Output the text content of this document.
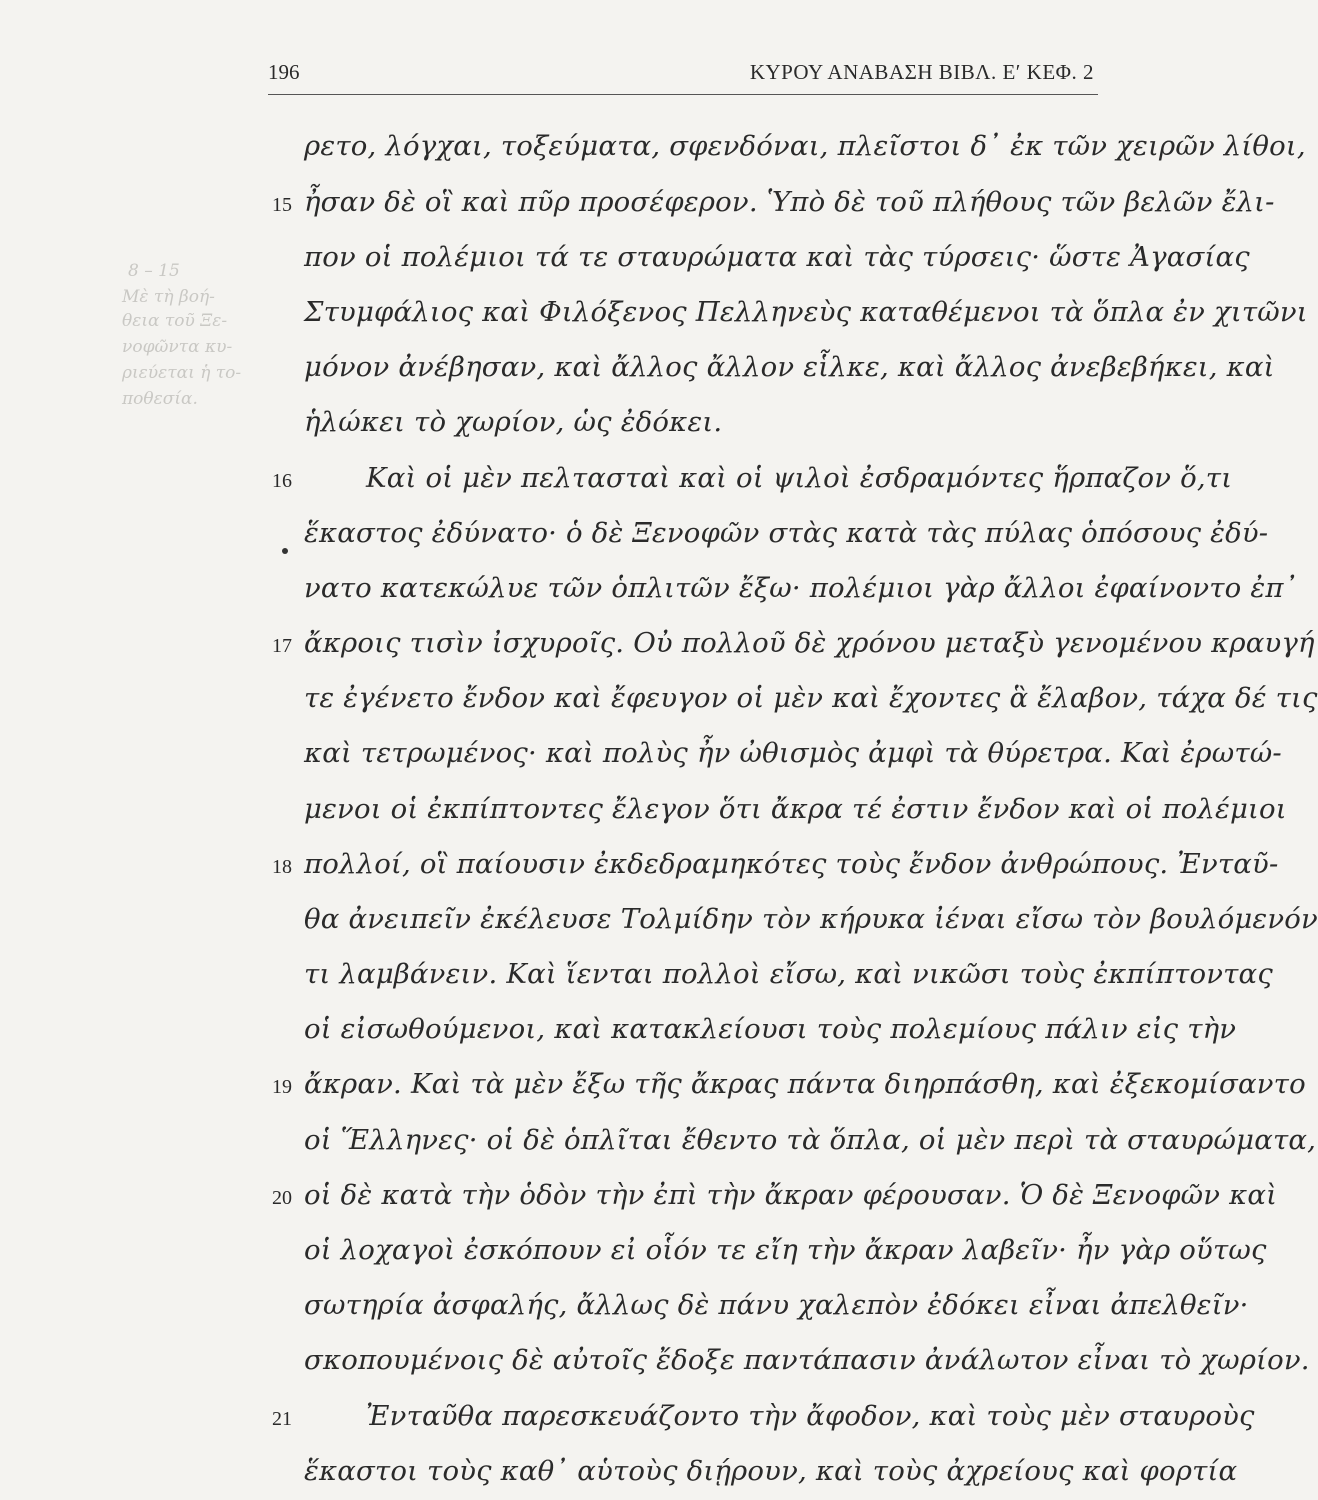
8 – 15
Μὲ τὴ βοή-
θεια τοῦ Ξε-
νοφῶντα κυ-
ριεύεται ἡ το-
ποθεσία.
196	ΚΥΡΟΥ ΑΝΑΒΑΣΗ ΒΙΒΛ. Ε′ ΚΕΦ. 2
ρετο, λόγχαι, τοξεύματα, σφενδόναι, πλεῖστοι δ᾽ ἐκ τῶν χειρῶν λίθοι,
ἦσαν δὲ οἳ καὶ πῦρ προσέφερον. Ὑπὸ δὲ τοῦ πλήθους τῶν βελῶν ἔλι-
πον οἱ πολέμιοι τά τε σταυρώματα καὶ τὰς τύρσεις· ὥστε Ἀγασίας
Στυμφάλιος καὶ Φιλόξενος Πελληνεὺς καταθέμενοι τὰ ὅπλα ἐν χιτῶνι
μόνον ἀνέβησαν, καὶ ἄλλος ἄλλον εἷλκε, καὶ ἄλλος ἀνεβεβήκει, καὶ
ἡλώκει τὸ χωρίον, ὡς ἐδόκει.
Καὶ οἱ μὲν πελτασταὶ καὶ οἱ ψιλοὶ ἐσδραμόντες ἥρπαζον ὅ,τι
ἕκαστος ἐδύνατο· ὁ δὲ Ξενοφῶν στὰς κατὰ τὰς πύλας ὁπόσους ἐδύ-
νατο κατεκώλυε τῶν ὁπλιτῶν ἔξω· πολέμιοι γὰρ ἄλλοι ἐφαίνοντο ἐπ᾽
ἄκροις τισὶν ἰσχυροῖς. Οὐ πολλοῦ δὲ χρόνου μεταξὺ γενομένου κραυγή
τε ἐγένετο ἔνδον καὶ ἔφευγον οἱ μὲν καὶ ἔχοντες ἃ ἔλαβον, τάχα δέ τις
καὶ τετρωμένος· καὶ πολὺς ἦν ὠθισμὸς ἀμφὶ τὰ θύρετρα. Καὶ ἐρωτώ-
μενοι οἱ ἐκπίπτοντες ἔλεγον ὅτι ἄκρα τέ ἐστιν ἔνδον καὶ οἱ πολέμιοι
πολλοί, οἳ παίουσιν ἐκδεδραμηκότες τοὺς ἔνδον ἀνθρώπους. Ἐνταῦ-
θα ἀνειπεῖν ἐκέλευσε Τολμίδην τὸν κήρυκα ἰέναι εἴσω τὸν βουλόμενόν
τι λαμβάνειν. Καὶ ἵενται πολλοὶ εἴσω, καὶ νικῶσι τοὺς ἐκπίπτοντας
οἱ εἰσωθούμενοι, καὶ κατακλείουσι τοὺς πολεμίους πάλιν εἰς τὴν
ἄκραν. Καὶ τὰ μὲν ἔξω τῆς ἄκρας πάντα διηρπάσθη, καὶ ἐξεκομίσαντο
οἱ Ἕλληνες· οἱ δὲ ὁπλῖται ἔθεντο τὰ ὅπλα, οἱ μὲν περὶ τὰ σταυρώματα,
οἱ δὲ κατὰ τὴν ὁδὸν τὴν ἐπὶ τὴν ἄκραν φέρουσαν. Ὁ δὲ Ξενοφῶν καὶ
οἱ λοχαγοὶ ἐσκόπουν εἰ οἷόν τε εἴη τὴν ἄκραν λαβεῖν· ἦν γὰρ οὕτως
σωτηρία ἀσφαλής, ἄλλως δὲ πάνυ χαλεπὸν ἐδόκει εἶναι ἀπελθεῖν·
σκοπουμένοις δὲ αὐτοῖς ἔδοξε παντάπασιν ἀνάλωτον εἶναι τὸ χωρίον.
Ἐνταῦθα παρεσκευάζοντο τὴν ἄφοδον, καὶ τοὺς μὲν σταυροὺς
ἕκαστοι τοὺς καθ᾽ αὑτοὺς διῄρουν, καὶ τοὺς ἀχρείους καὶ φορτία
15
16
17
18
19
20
21
